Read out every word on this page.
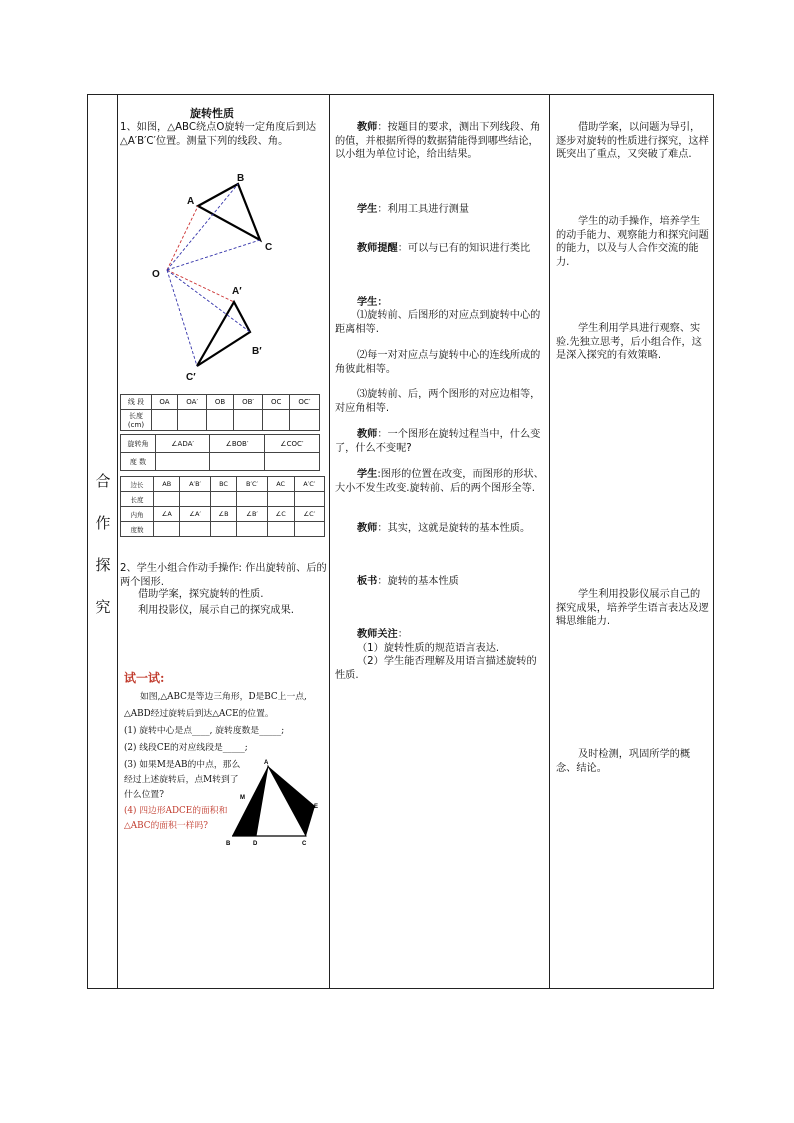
合
作
探
究
旋转性质
1、如图，△ABC绕点O旋转一定角度后到达△A′B′C′位置。测量下列的线段、角。
A
B
C
O
A′
B′
C′
线 段	OA	OA′	OB	OB′	OC	OC′
长度(cm)						
旋转角	∠ADA′	∠BOB′	∠COC′
度 数			
边长	AB	A′B′	BC	B′C′	AC	A′C′
长度						
内角	∠A	∠A′	∠B	∠B′	∠C	∠C′
度数						
2、学生小组合作动手操作: 作出旋转前、后的两个图形.
借助学案，探究旋转的性质.
利用投影仪，展示自己的探究成果.
试一试:
如图,△ABC是等边三角形，D是BC上一点,
△ABD经过旋转后到达△ACE的位置。
(1) 旋转中心是点____, 旋转度数是_____;
(2) 线段CE的对应线段是_____;
(3) 如果M是AB的中点，那么
经过上述旋转后，点M转到了
什么位置?
(4) 四边形ADCE的面积和
△ABC的面积一样吗?
A
M
E
B	D	C
教师：按题目的要求，测出下列线段、角的值，并根据所得的数据猜能得到哪些结论，以小组为单位讨论，给出结果。
学生：利用工具进行测量
教师提醒：可以与已有的知识进行类比
学生：
⑴旋转前、后图形的对应点到旋转中心的距离相等.
⑵每一对对应点与旋转中心的连线所成的角彼此相等。
⑶旋转前、后，两个图形的对应边相等，对应角相等.
教师：一个图形在旋转过程当中，什么变了，什么不变呢?
学生:图形的位置在改变，而图形的形状、大小不发生改变.旋转前、后的两个图形全等.
教师：其实，这就是旋转的基本性质。
板书：旋转的基本性质
教师关注：
（1）旋转性质的规范语言表达.
（2）学生能否理解及用语言描述旋转的性质.
借助学案，以问题为导引，逐步对旋转的性质进行探究，这样既突出了重点，又突破了难点.
学生的动手操作，培养学生的动手能力、观察能力和探究问题的能力，以及与人合作交流的能力.
学生利用学具进行观察、实验.先独立思考，后小组合作，这是深入探究的有效策略.
学生利用投影仪展示自己的探究成果，培养学生语言表达及逻辑思维能力.
及时检测，巩固所学的概念、结论。
